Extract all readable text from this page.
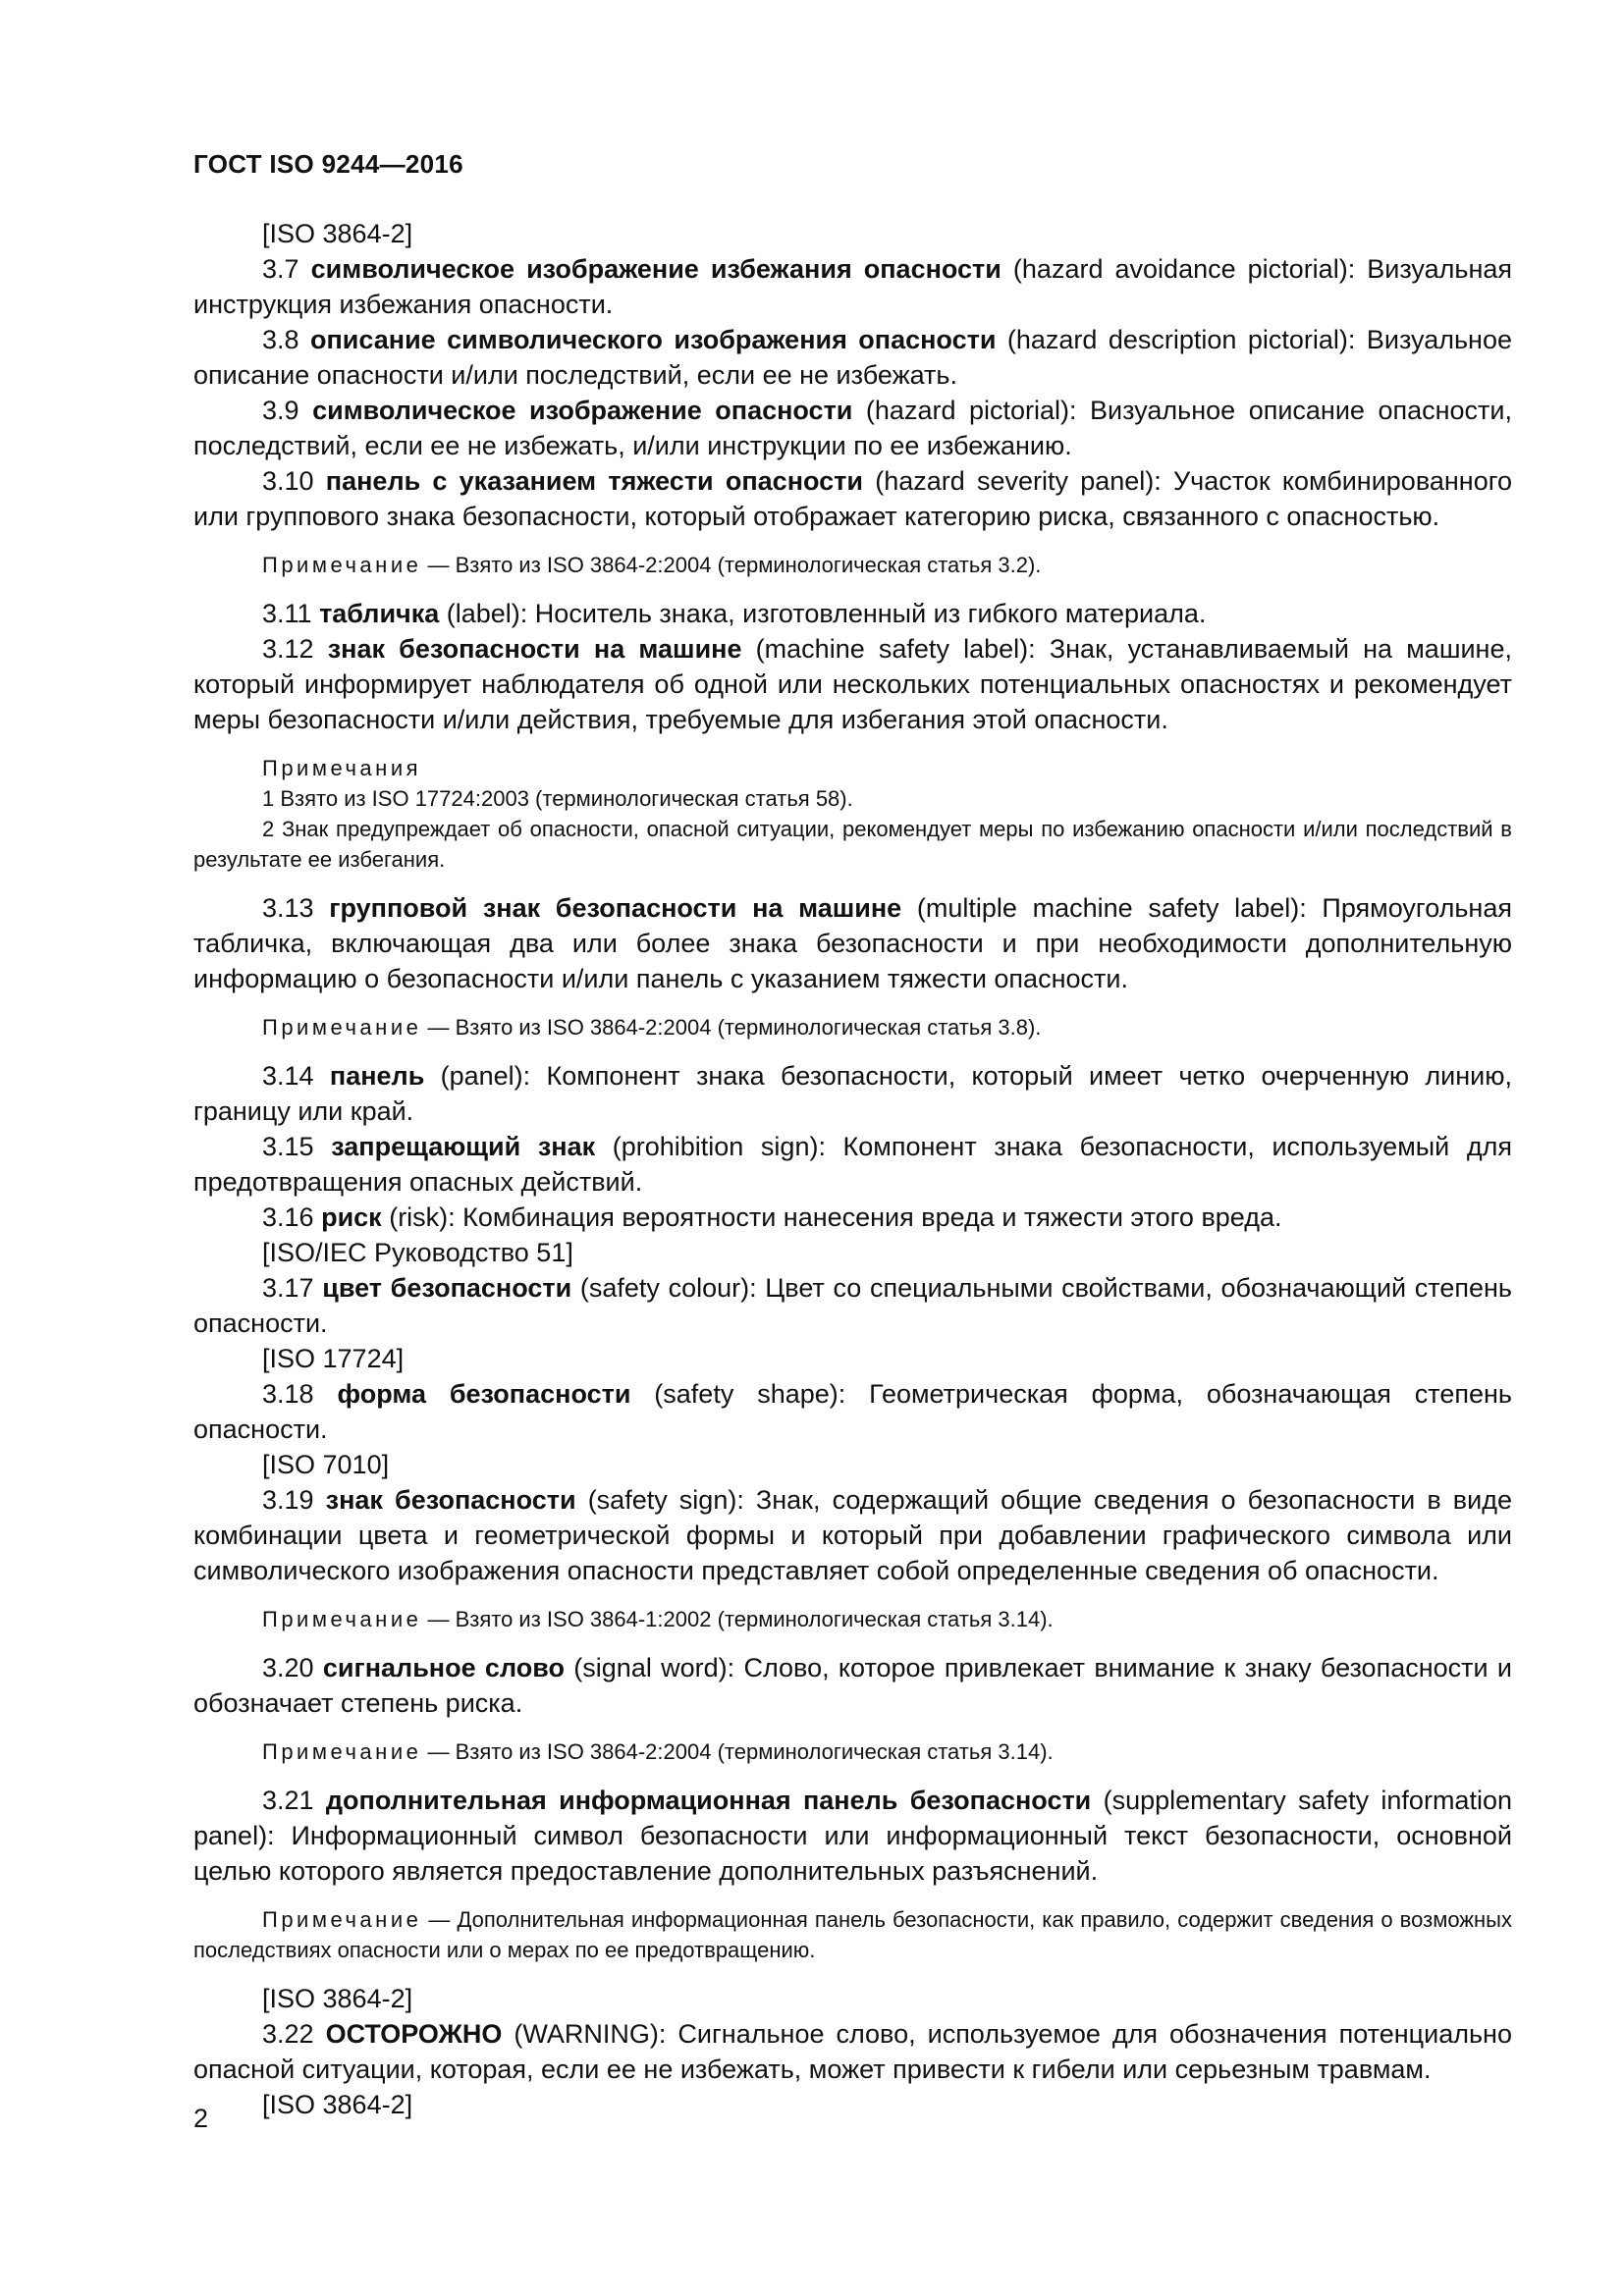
ГОСТ ISO 9244—2016

[ISO 3864-2]

3.7 символическое изображение избежания опасности (hazard avoidance pictorial): Визуальная инструкция избежания опасности.

3.8 описание символического изображения опасности (hazard description pictorial): Визуальное описание опасности и/или последствий, если ее не избежать.

3.9 символическое изображение опасности (hazard pictorial): Визуальное описание опасности, последствий, если ее не избежать, и/или инструкции по ее избежанию.

3.10 панель с указанием тяжести опасности (hazard severity panel): Участок комбинированного или группового знака безопасности, который отображает категорию риска, связанного с опасностью.

Примечание — Взято из ISO 3864-2:2004 (терминологическая статья 3.2).

3.11 табличка (label): Носитель знака, изготовленный из гибкого материала.

3.12 знак безопасности на машине (machine safety label): Знак, устанавливаемый на машине, который информирует наблюдателя об одной или нескольких потенциальных опасностях и рекомендует меры безопасности и/или действия, требуемые для избегания этой опасности.

Примечания

1 Взято из ISO 17724:2003 (терминологическая статья 58).

2 Знак предупреждает об опасности, опасной ситуации, рекомендует меры по избежанию опасности и/или последствий в результате ее избегания.

3.13 групповой знак безопасности на машине (multiple machine safety label): Прямоугольная табличка, включающая два или более знака безопасности и при необходимости дополнительную информацию о безопасности и/или панель с указанием тяжести опасности.

Примечание — Взято из ISO 3864-2:2004 (терминологическая статья 3.8).

3.14 панель (panel): Компонент знака безопасности, который имеет четко очерченную линию, границу или край.

3.15 запрещающий знак (prohibition sign): Компонент знака безопасности, используемый для предотвращения опасных действий.

3.16 риск (risk): Комбинация вероятности нанесения вреда и тяжести этого вреда.

[ISO/IEC Руководство 51]

3.17 цвет безопасности (safety colour): Цвет со специальными свойствами, обозначающий степень опасности.

[ISO 17724]

3.18 форма безопасности (safety shape): Геометрическая форма, обозначающая степень опасности.

[ISO 7010]

3.19 знак безопасности (safety sign): Знак, содержащий общие сведения о безопасности в виде комбинации цвета и геометрической формы и который при добавлении графического символа или символического изображения опасности представляет собой определенные сведения об опасности.

Примечание — Взято из ISO 3864-1:2002 (терминологическая статья 3.14).

3.20 сигнальное слово (signal word): Слово, которое привлекает внимание к знаку безопасности и обозначает степень риска.

Примечание — Взято из ISO 3864-2:2004 (терминологическая статья 3.14).

3.21 дополнительная информационная панель безопасности (supplementary safety information panel): Информационный символ безопасности или информационный текст безопасности, основной целью которого является предоставление дополнительных разъяснений.

Примечание — Дополнительная информационная панель безопасности, как правило, содержит сведения о возможных последствиях опасности или о мерах по ее предотвращению.

[ISO 3864-2]

3.22 ОСТОРОЖНО (WARNING): Сигнальное слово, используемое для обозначения потенциально опасной ситуации, которая, если ее не избежать, может привести к гибели или серьезным травмам.

[ISO 3864-2]

2
